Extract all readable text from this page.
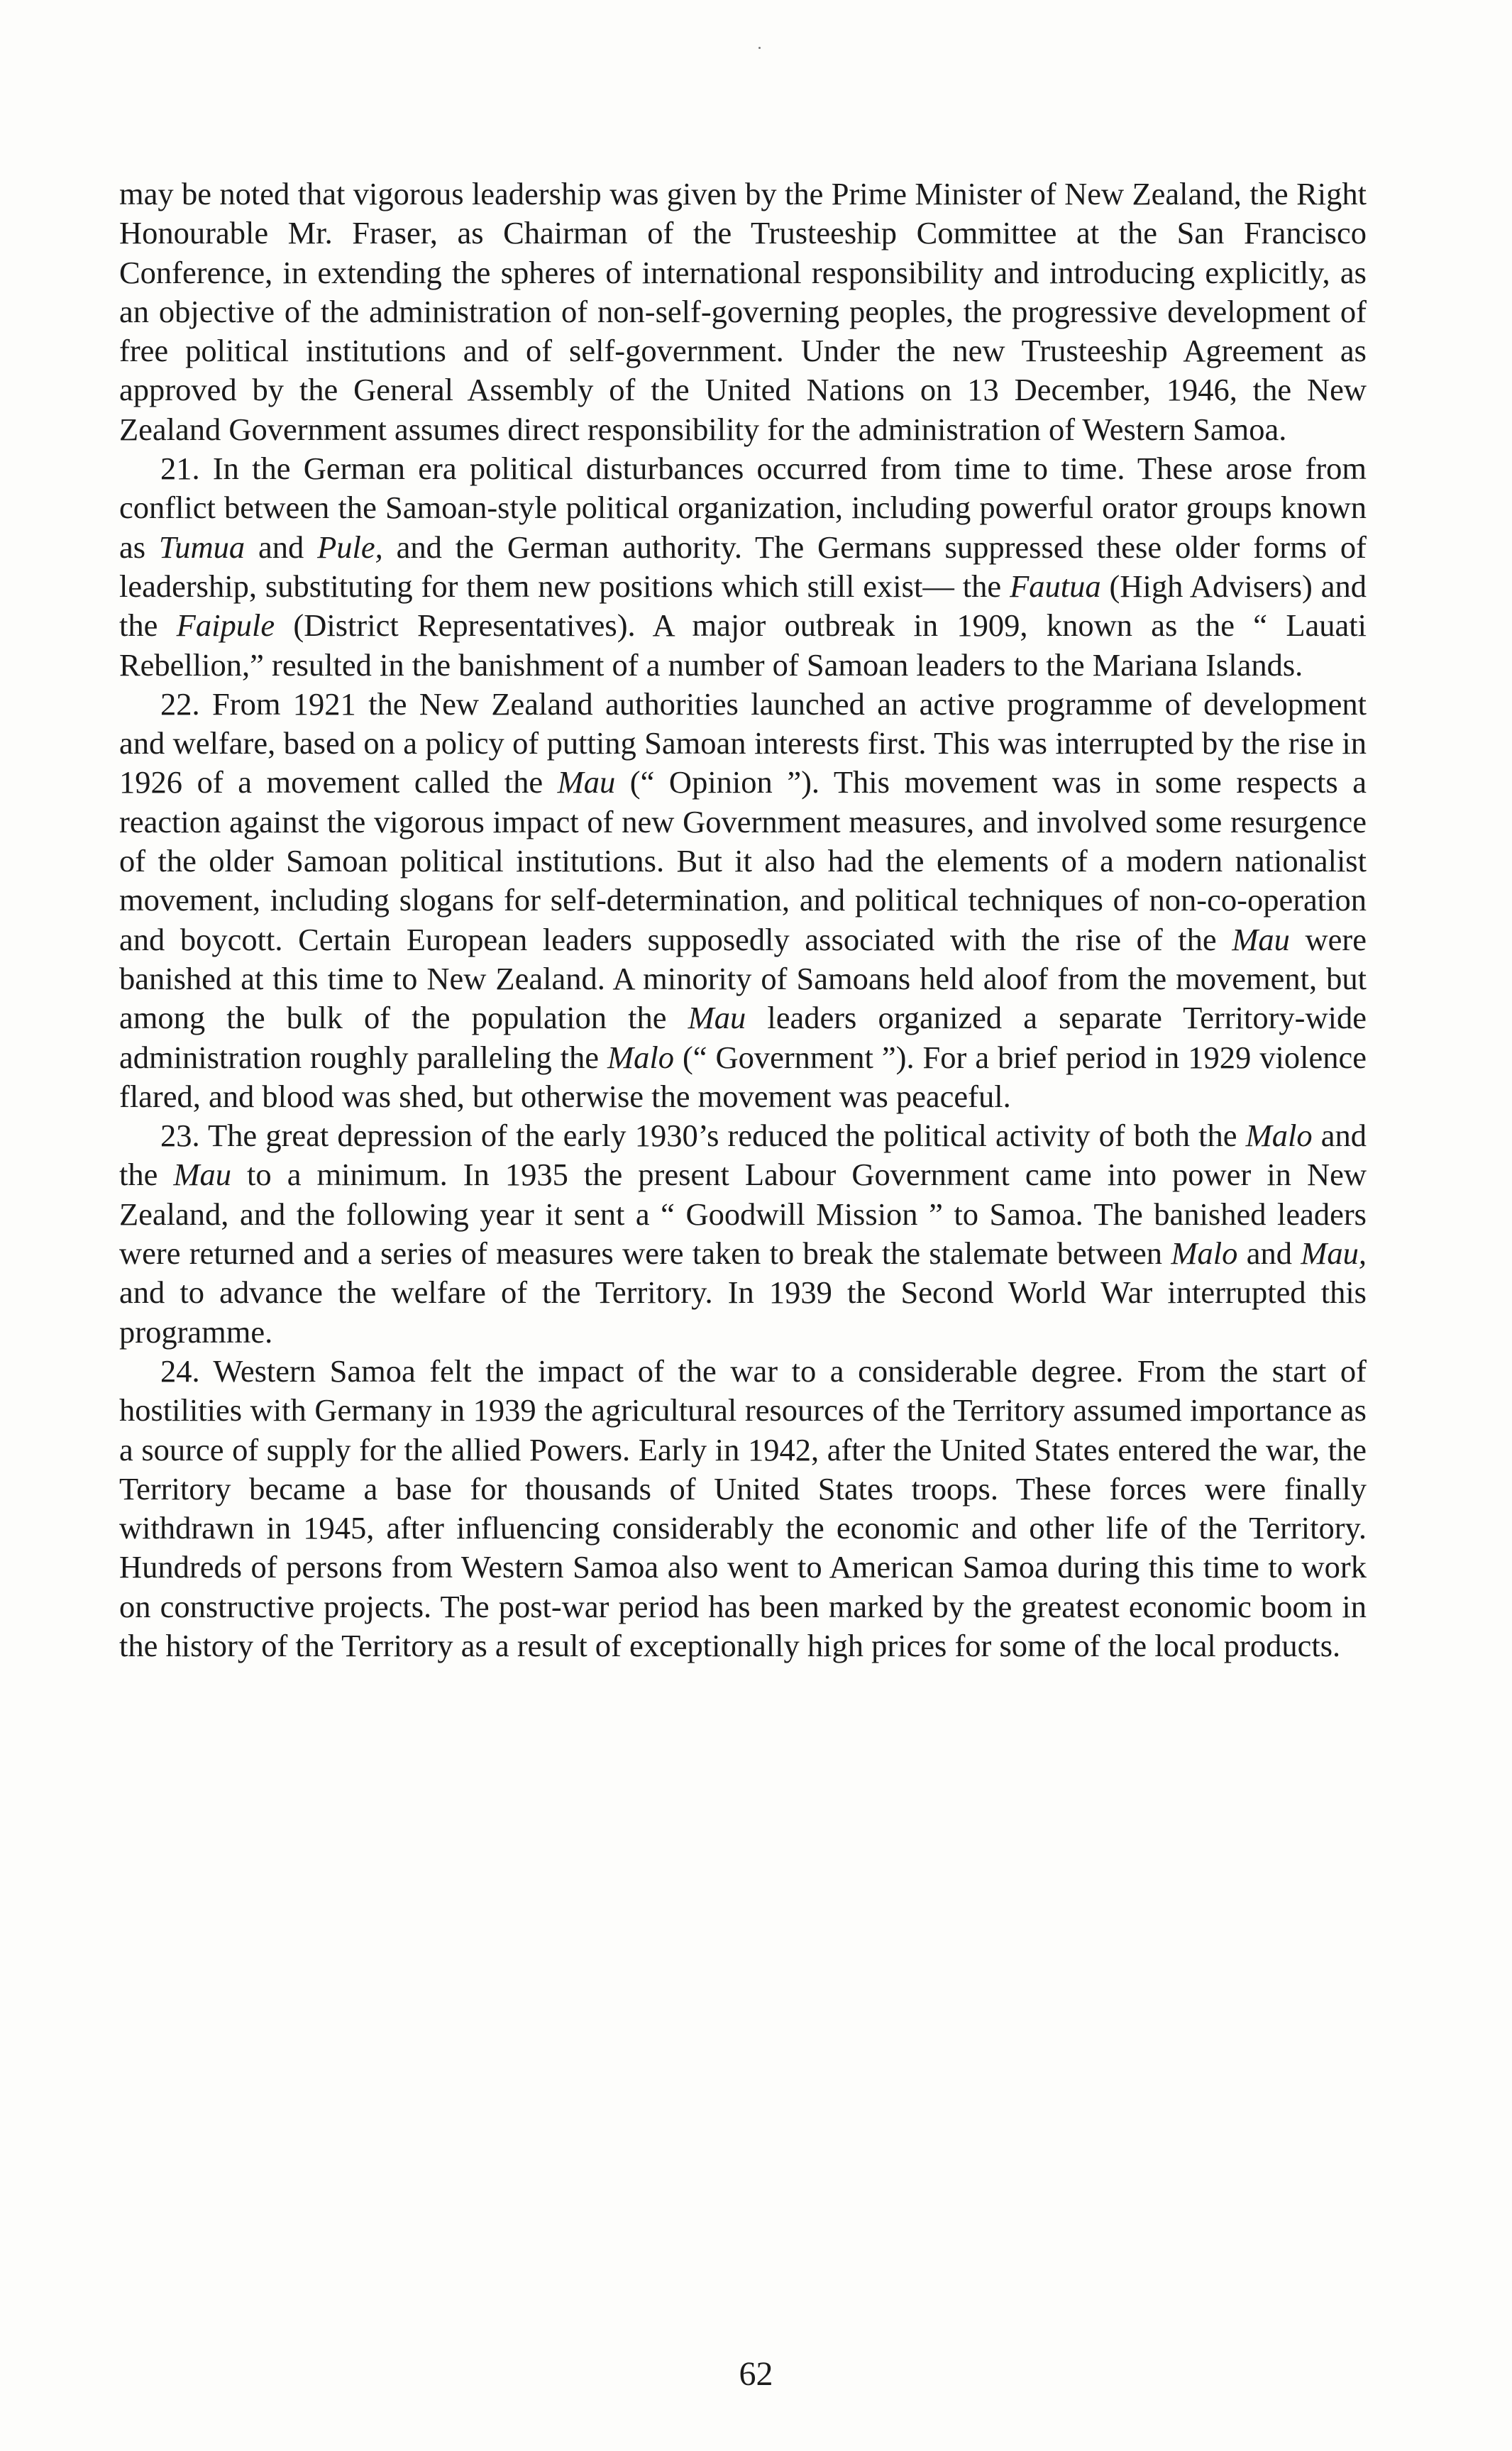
may be noted that vigorous leadership was given by the Prime Minister of New Zealand, the Right Honourable Mr. Fraser, as Chairman of the Trusteeship Committee at the San Francisco Conference, in extending the spheres of international responsibility and introducing explicitly, as an objective of the administration of non-self-governing peoples, the progressive development of free political institutions and of self-government. Under the new Trusteeship Agreement as approved by the General Assembly of the United Nations on 13 December, 1946, the New Zealand Government assumes direct responsibility for the administration of Western Samoa.

21. In the German era political disturbances occurred from time to time. These arose from conflict between the Samoan-style political organization, including powerful orator groups known as Tumua and Pule, and the German authority. The Germans suppressed these older forms of leadership, substituting for them new positions which still exist— the Fautua (High Advisers) and the Faipule (District Representatives). A major outbreak in 1909, known as the “ Lauati Rebellion,” resulted in the banishment of a number of Samoan leaders to the Mariana Islands.

22. From 1921 the New Zealand authorities launched an active programme of development and welfare, based on a policy of putting Samoan interests first. This was interrupted by the rise in 1926 of a movement called the Mau (“ Opinion ”). This movement was in some respects a reaction against the vigorous impact of new Government measures, and involved some resurgence of the older Samoan political institutions. But it also had the elements of a modern nationalist movement, including slogans for self-determination, and political techniques of non-co-operation and boycott. Certain European leaders supposedly associated with the rise of the Mau were banished at this time to New Zealand. A minority of Samoans held aloof from the movement, but among the bulk of the population the Mau leaders organized a separate Territory-wide administration roughly paralleling the Malo (“ Government ”). For a brief period in 1929 violence flared, and blood was shed, but otherwise the movement was peaceful.

23. The great depression of the early 1930’s reduced the political activity of both the Malo and the Mau to a minimum. In 1935 the present Labour Government came into power in New Zealand, and the following year it sent a “ Goodwill Mission ” to Samoa. The banished leaders were returned and a series of measures were taken to break the stalemate between Malo and Mau, and to advance the welfare of the Territory. In 1939 the Second World War interrupted this programme.

24. Western Samoa felt the impact of the war to a considerable degree. From the start of hostilities with Germany in 1939 the agricultural resources of the Territory assumed importance as a source of supply for the allied Powers. Early in 1942, after the United States entered the war, the Territory became a base for thousands of United States troops. These forces were finally withdrawn in 1945, after influencing considerably the economic and other life of the Territory. Hundreds of persons from Western Samoa also went to American Samoa during this time to work on constructive projects. The post-war period has been marked by the greatest economic boom in the history of the Territory as a result of exceptionally high prices for some of the local products.

62
